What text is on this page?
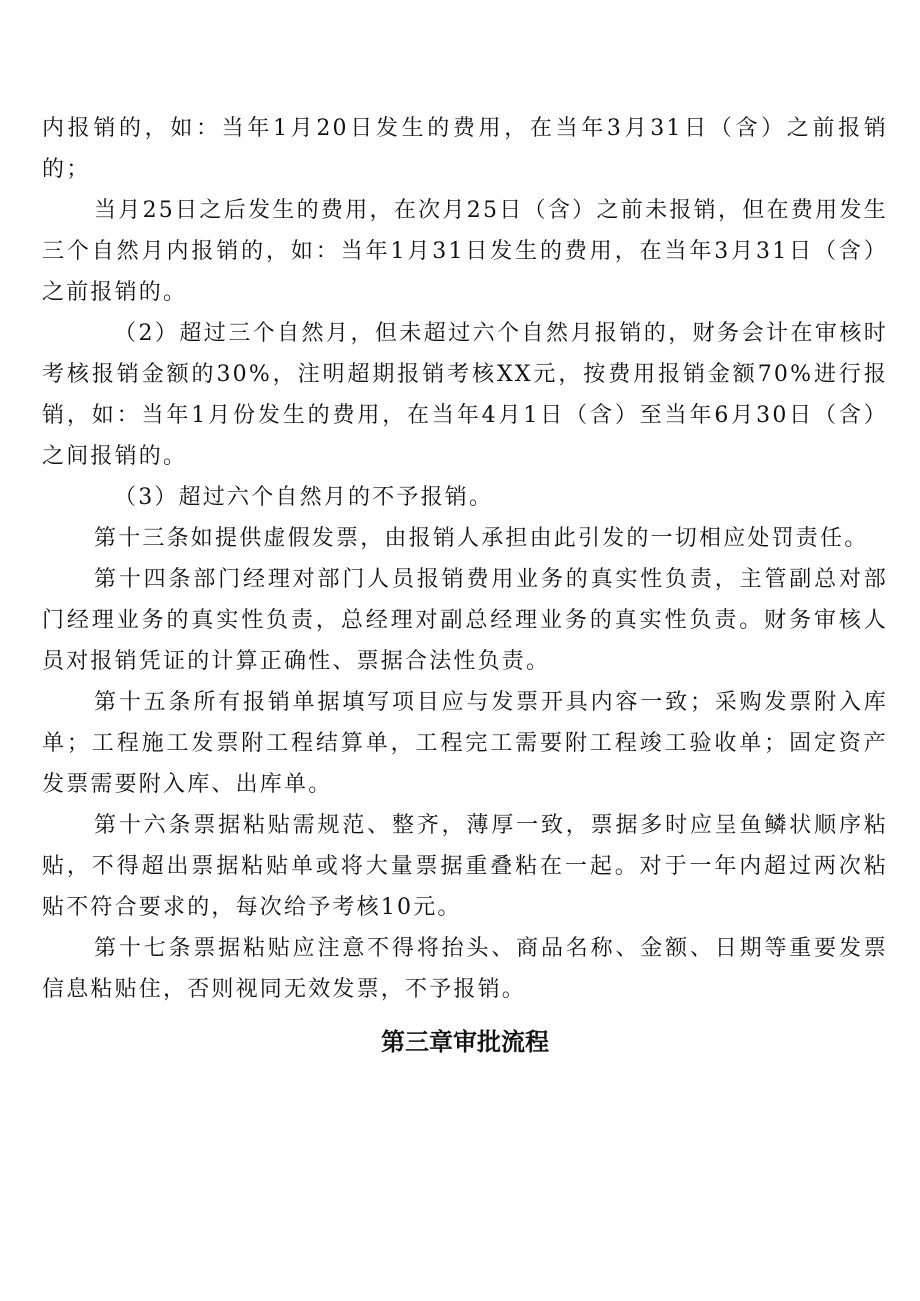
内报销的，如：当年1月20日发生的费用，在当年3月31日（含）之前报销的；

当月25日之后发生的费用，在次月25日（含）之前未报销，但在费用发生三个自然月内报销的，如：当年1月31日发生的费用，在当年3月31日（含）之前报销的。

（2）超过三个自然月，但未超过六个自然月报销的，财务会计在审核时考核报销金额的30%，注明超期报销考核XX元，按费用报销金额70%进行报销，如：当年1月份发生的费用，在当年4月1日（含）至当年6月30日（含）之间报销的。

（3）超过六个自然月的不予报销。

第十三条如提供虚假发票，由报销人承担由此引发的一切相应处罚责任。

第十四条部门经理对部门人员报销费用业务的真实性负责，主管副总对部门经理业务的真实性负责，总经理对副总经理业务的真实性负责。财务审核人员对报销凭证的计算正确性、票据合法性负责。

第十五条所有报销单据填写项目应与发票开具内容一致；采购发票附入库单；工程施工发票附工程结算单，工程完工需要附工程竣工验收单；固定资产发票需要附入库、出库单。

第十六条票据粘贴需规范、整齐，薄厚一致，票据多时应呈鱼鳞状顺序粘贴，不得超出票据粘贴单或将大量票据重叠粘在一起。对于一年内超过两次粘贴不符合要求的，每次给予考核10元。

第十七条票据粘贴应注意不得将抬头、商品名称、金额、日期等重要发票信息粘贴住，否则视同无效发票，不予报销。

第三章审批流程
